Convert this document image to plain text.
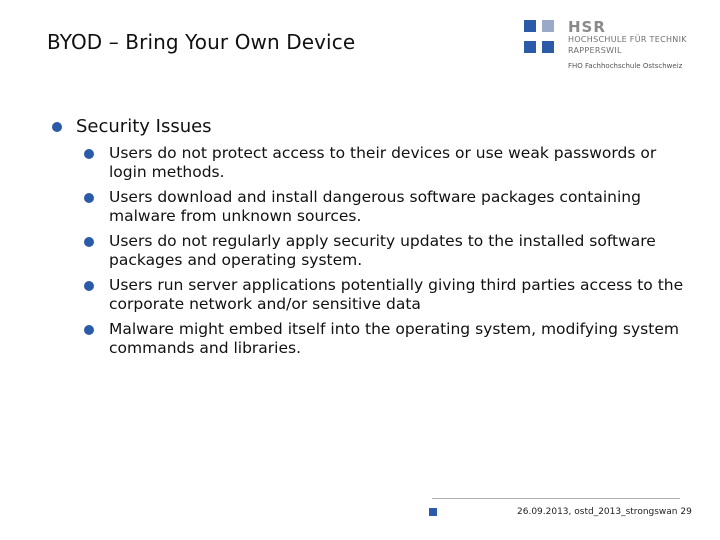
BYOD – Bring Your Own Device
HSR
HOCHSCHULE FÜR TECHNIK
RAPPERSWIL
FHO Fachhochschule Ostschweiz
Security Issues
Users do not protect access to their devices or use weak passwords or login methods.
Users download and install dangerous software packages containing malware from unknown sources.
Users do not regularly apply security updates to the installed software packages and operating system.
Users run server applications potentially giving third parties access to the corporate network and/or sensitive data
Malware might embed itself into the operating system, modifying system commands and libraries.
26.09.2013, ostd_2013_strongswan 29
